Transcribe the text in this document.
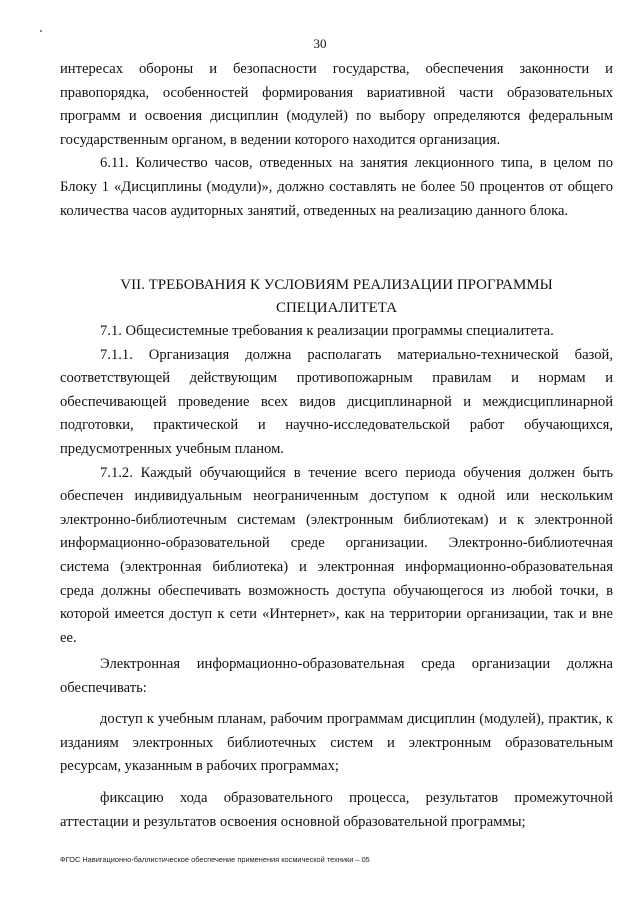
30

интересах обороны и безопасности государства, обеспечения законности и правопорядка, особенностей формирования вариативной части образовательных программ и освоения дисциплин (модулей) по выбору определяются федеральным государственным органом, в ведении которого находится организация.

6.11. Количество часов, отведенных на занятия лекционного типа, в целом по Блоку 1 «Дисциплины (модули)», должно составлять не более 50 процентов от общего количества часов аудиторных занятий, отведенных на реализацию данного блока.

VII. ТРЕБОВАНИЯ К УСЛОВИЯМ РЕАЛИЗАЦИИ ПРОГРАММЫ
СПЕЦИАЛИТЕТА

7.1. Общесистемные требования к реализации программы специалитета.

7.1.1. Организация должна располагать материально-технической базой, соответствующей действующим противопожарным правилам и нормам и обеспечивающей проведение всех видов дисциплинарной и междисциплинарной подготовки, практической и научно-исследовательской работ обучающихся, предусмотренных учебным планом.

7.1.2. Каждый обучающийся в течение всего периода обучения должен быть обеспечен индивидуальным неограниченным доступом к одной или нескольким электронно-библиотечным системам (электронным библиотекам) и к электронной информационно-образовательной среде организации. Электронно-библиотечная система (электронная библиотека) и электронная информационно-образовательная среда должны обеспечивать возможность доступа обучающегося из любой точки, в которой имеется доступ к сети «Интернет», как на территории организации, так и вне ее.

Электронная информационно-образовательная среда организации должна обеспечивать:

доступ к учебным планам, рабочим программам дисциплин (модулей), практик, к изданиям электронных библиотечных систем и электронным образовательным ресурсам, указанным в рабочих программах;

фиксацию хода образовательного процесса, результатов промежуточной аттестации и результатов освоения основной образовательной программы;

ФГОС Навигационно-баллистическое обеспечение применения космической техники – 05
